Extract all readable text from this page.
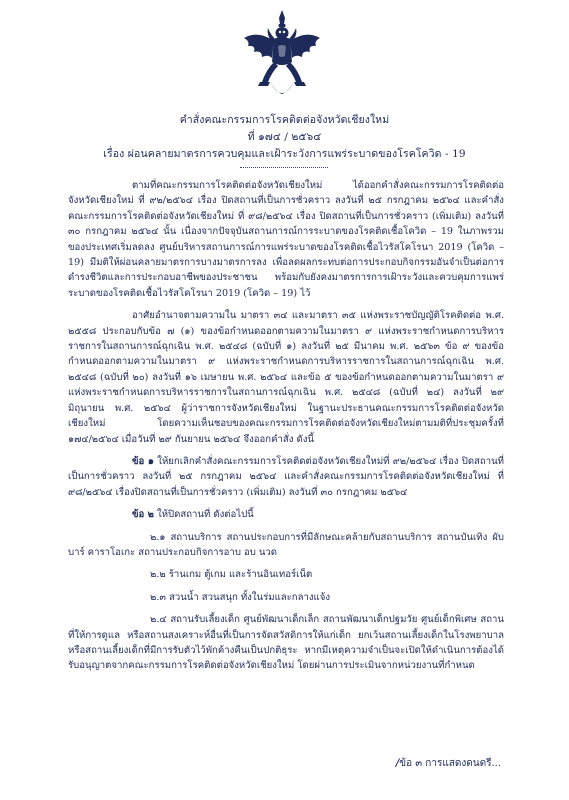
คำสั่งคณะกรรมการโรคติดต่อจังหวัดเชียงใหม่
ที่ ๑๗๔ / ๒๕๖๔
เรื่อง ผ่อนคลายมาตรการควบคุมและเฝ้าระวังการแพร่ระบาดของโรคโควิด - 19

ตามที่คณะกรรมการโรคติดต่อจังหวัดเชียงใหม่ ได้ออกคำสั่งคณะกรรมการโรคติดต่อจังหวัดเชียงใหม่ ที่ ๙๒/๒๕๖๔ เรื่อง ปิดสถานที่เป็นการชั่วคราว ลงวันที่ ๒๕ กรกฎาคม ๒๕๖๔ และคำสั่งคณะกรรมการโรคติดต่อจังหวัดเชียงใหม่ ที่ ๙๘/๒๕๖๔ เรื่อง ปิดสถานที่เป็นการชั่วคราว (เพิ่มเติม) ลงวันที่ ๓๐ กรกฎาคม ๒๕๖๔ นั้น เนื่องจากปัจจุบันสถานการณ์การระบาดของโรคติดเชื้อโควิด – 19 ในภาพรวมของประเทศเริ่มลดลง ศูนย์บริหารสถานการณ์การแพร่ระบาดของโรคติดเชื้อไวรัสโคโรนา 2019 (โควิด – 19) มีมติให้ผ่อนคลายมาตรการบางมาตรการลง เพื่อลดผลกระทบต่อการประกอบกิจกรรมอันจำเป็นต่อการดำรงชีวิตและการประกอบอาชีพของประชาชน พร้อมกับยังคงมาตรการการเฝ้าระวังและควบคุมการแพร่ระบาดของโรคติดเชื้อไวรัสโคโรนา 2019 (โควิด – 19) ไว้

อาศัยอำนาจตามความใน มาตรา ๓๔ และมาตรา ๓๕ แห่งพระราชบัญญัติโรคติดต่อ พ.ศ. ๒๕๕๘ ประกอบกับข้อ ๗ (๑) ของข้อกำหนดออกตามความในมาตรา ๙ แห่งพระราชกำหนดการบริหารราชการในสถานการณ์ฉุกเฉิน พ.ศ. ๒๕๔๘ (ฉบับที่ ๑) ลงวันที่ ๒๕ มีนาคม พ.ศ. ๒๕๖๓ ข้อ ๙ ของข้อกำหนดออกตามความในมาตรา ๙ แห่งพระราชกำหนดการบริหารราชการในสถานการณ์ฉุกเฉิน พ.ศ. ๒๕๔๘ (ฉบับที่ ๒๐) ลงวันที่ ๑๖ เมษายน พ.ศ. ๒๕๖๔ และข้อ ๕ ของข้อกำหนดออกตามความในมาตรา ๙ แห่งพระราชกำหนดการบริหารราชการในสถานการณ์ฉุกเฉิน พ.ศ. ๒๕๔๘ (ฉบับที่ ๒๔) ลงวันที่ ๒๙ มิถุนายน พ.ศ. ๒๕๖๔ ผู้ว่าราชการจังหวัดเชียงใหม่ ในฐานะประธานคณะกรรมการโรคติดต่อจังหวัดเชียงใหม่ โดยความเห็นชอบของคณะกรรมการโรคติดต่อจังหวัดเชียงใหม่ตามมติที่ประชุมครั้งที่ ๑๗๔/๒๕๖๔ เมื่อวันที่ ๒๙ กันยายน ๒๕๖๔ จึงออกคำสั่ง ดังนี้

ข้อ ๑ ให้ยกเลิกคำสั่งคณะกรรมการโรคติดต่อจังหวัดเชียงใหม่ที่ ๙๒/๒๕๖๔ เรื่อง ปิดสถานที่เป็นการชั่วคราว ลงวันที่ ๒๕ กรกฎาคม ๒๕๖๔ และคำสั่งคณะกรรมการโรคติดต่อจังหวัดเชียงใหม่ ที่ ๙๘/๒๕๖๔ เรื่องปิดสถานที่เป็นการชั่วคราว (เพิ่มเติม) ลงวันที่ ๓๐ กรกฎาคม ๒๕๖๔

ข้อ ๒ ให้ปิดสถานที่ ดังต่อไปนี้

๒.๑ สถานบริการ สถานประกอบการที่มีลักษณะคล้ายกับสถานบริการ สถานบันเทิง ผับ บาร์ คาราโอเกะ สถานประกอบกิจการอาบ อบ นวด

๒.๒ ร้านเกม ตู้เกม และร้านอินเทอร์เน็ต

๒.๓ สวนน้ำ สวนสนุก ทั้งในร่มและกลางแจ้ง

๒.๔ สถานรับเลี้ยงเด็ก ศูนย์พัฒนาเด็กเล็ก สถานพัฒนาเด็กปฐมวัย ศูนย์เด็กพิเศษ สถานที่ให้การดูแล หรือสถานสงเคราะห์อื่นที่เป็นการจัดสวัสดิการให้แก่เด็ก ยกเว้นสถานเลี้ยงเด็กในโรงพยาบาลหรือสถานเลี้ยงเด็กที่มีการรับตัวไว้พักค้างคืนเป็นปกติธุระ หากมีเหตุความจำเป็นจะเปิดให้ดำเนินการต้องได้รับอนุญาตจากคณะกรรมการโรคติดต่อจังหวัดเชียงใหม่ โดยผ่านการประเมินจากหน่วยงานที่กำหนด

/ข้อ ๓ การแสดงดนตรี...
